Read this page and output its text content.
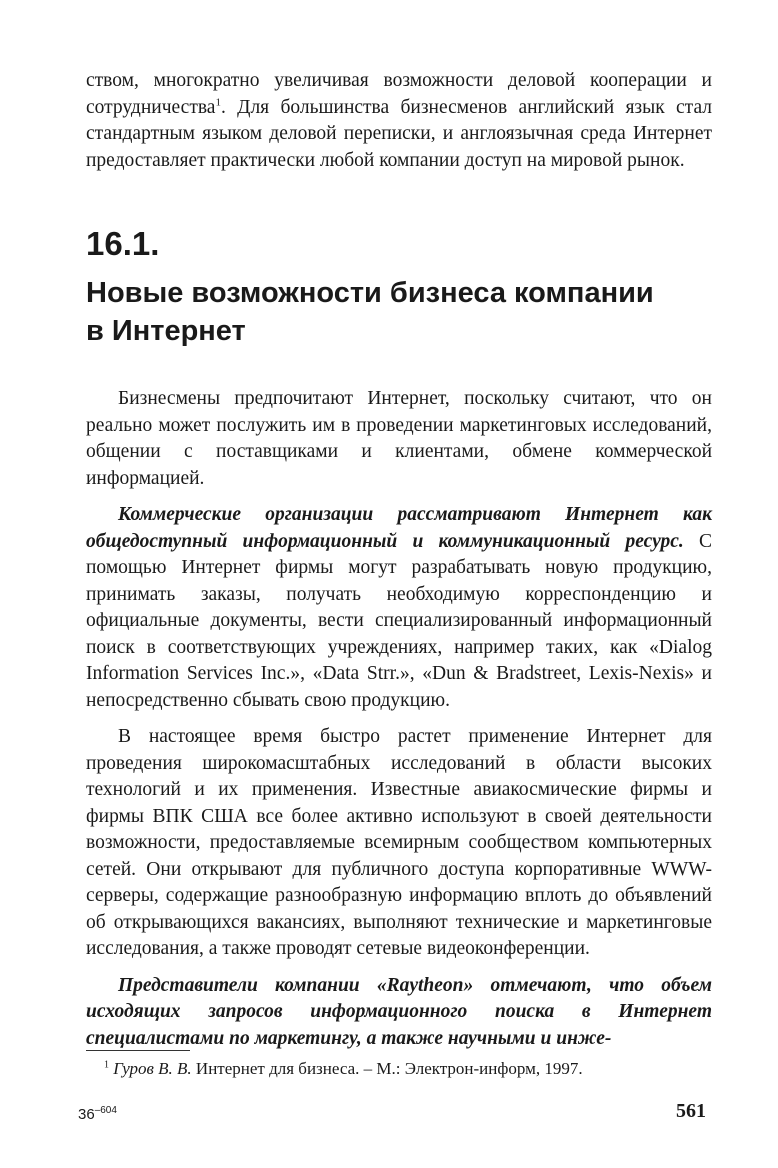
ством, многократно увеличивая возможности деловой кооперации и сотрудничества$^1$. Для большинства бизнесменов английский язык стал стандартным языком деловой переписки, и англоязычная среда Интернет предоставляет практически любой компании доступ на мировой рынок.

16.1.
Новые возможности бизнеса компании
в Интернет

Бизнесмены предпочитают Интернет, поскольку считают, что он реально может послужить им в проведении маркетинговых исследований, общении с поставщиками и клиентами, обмене коммерческой информацией.

Коммерческие организации рассматривают Интернет как общедоступный информационный и коммуникационный ресурс. С помощью Интернет фирмы могут разрабатывать новую продукцию, принимать заказы, получать необходимую корреспонденцию и официальные документы, вести специализированный информационный поиск в соответствующих учреждениях, например таких, как «Dialog Information Services Inc.», «Data Strr.», «Dun & Bradstreet, Lexis-Nexis» и непосредственно сбывать свою продукцию.

В настоящее время быстро растет применение Интернет для проведения широкомасштабных исследований в области высоких технологий и их применения. Известные авиакосмические фирмы и фирмы ВПК США все более активно используют в своей деятельности возможности, предоставляемые всемирным сообществом компьютерных сетей. Они открывают для публичного доступа корпоративные WWW-серверы, содержащие разнообразную информацию вплоть до объявлений об открывающихся вакансиях, выполняют технические и маркетинговые исследования, а также проводят сетевые видеоконференции.

Представители компании «Raytheon» отмечают, что объем исходящих запросов информационного поиска в Интернет специалистами по маркетингу, а также научными и инже-

$^1$ Гуров В. В. Интернет для бизнеса. – М.: Электрон-информ, 1997.
$36^{-604}$	561
